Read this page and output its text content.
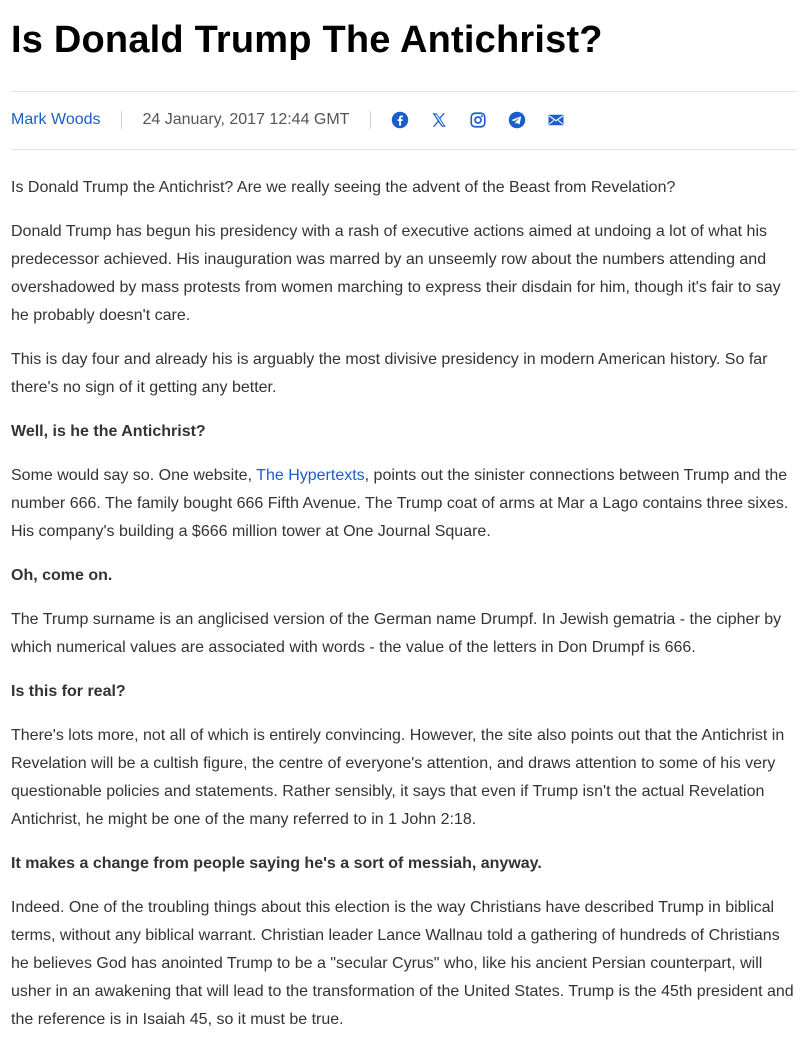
Is Donald Trump The Antichrist?
Mark Woods	24 January, 2017 12:44 GMT

Is Donald Trump the Antichrist? Are we really seeing the advent of the Beast from Revelation?

Donald Trump has begun his presidency with a rash of executive actions aimed at undoing a lot of what his predecessor achieved. His inauguration was marred by an unseemly row about the numbers attending and overshadowed by mass protests from women marching to express their disdain for him, though it's fair to say he probably doesn't care.

This is day four and already his is arguably the most divisive presidency in modern American history. So far there's no sign of it getting any better.

Well, is he the Antichrist?

Some would say so. One website, The Hypertexts, points out the sinister connections between Trump and the number 666. The family bought 666 Fifth Avenue. The Trump coat of arms at Mar a Lago contains three sixes. His company's building a $666 million tower at One Journal Square.

Oh, come on.

The Trump surname is an anglicised version of the German name Drumpf. In Jewish gematria - the cipher by which numerical values are associated with words - the value of the letters in Don Drumpf is 666.

Is this for real?

There's lots more, not all of which is entirely convincing. However, the site also points out that the Antichrist in Revelation will be a cultish figure, the centre of everyone's attention, and draws attention to some of his very questionable policies and statements. Rather sensibly, it says that even if Trump isn't the actual Revelation Antichrist, he might be one of the many referred to in 1 John 2:18.

It makes a change from people saying he's a sort of messiah, anyway.

Indeed. One of the troubling things about this election is the way Christians have described Trump in biblical terms, without any biblical warrant. Christian leader Lance Wallnau told a gathering of hundreds of Christians he believes God has anointed Trump to be a "secular Cyrus" who, like his ancient Persian counterpart, will usher in an awakening that will lead to the transformation of the United States. Trump is the 45th president and the reference is in Isaiah 45, so it must be true.
